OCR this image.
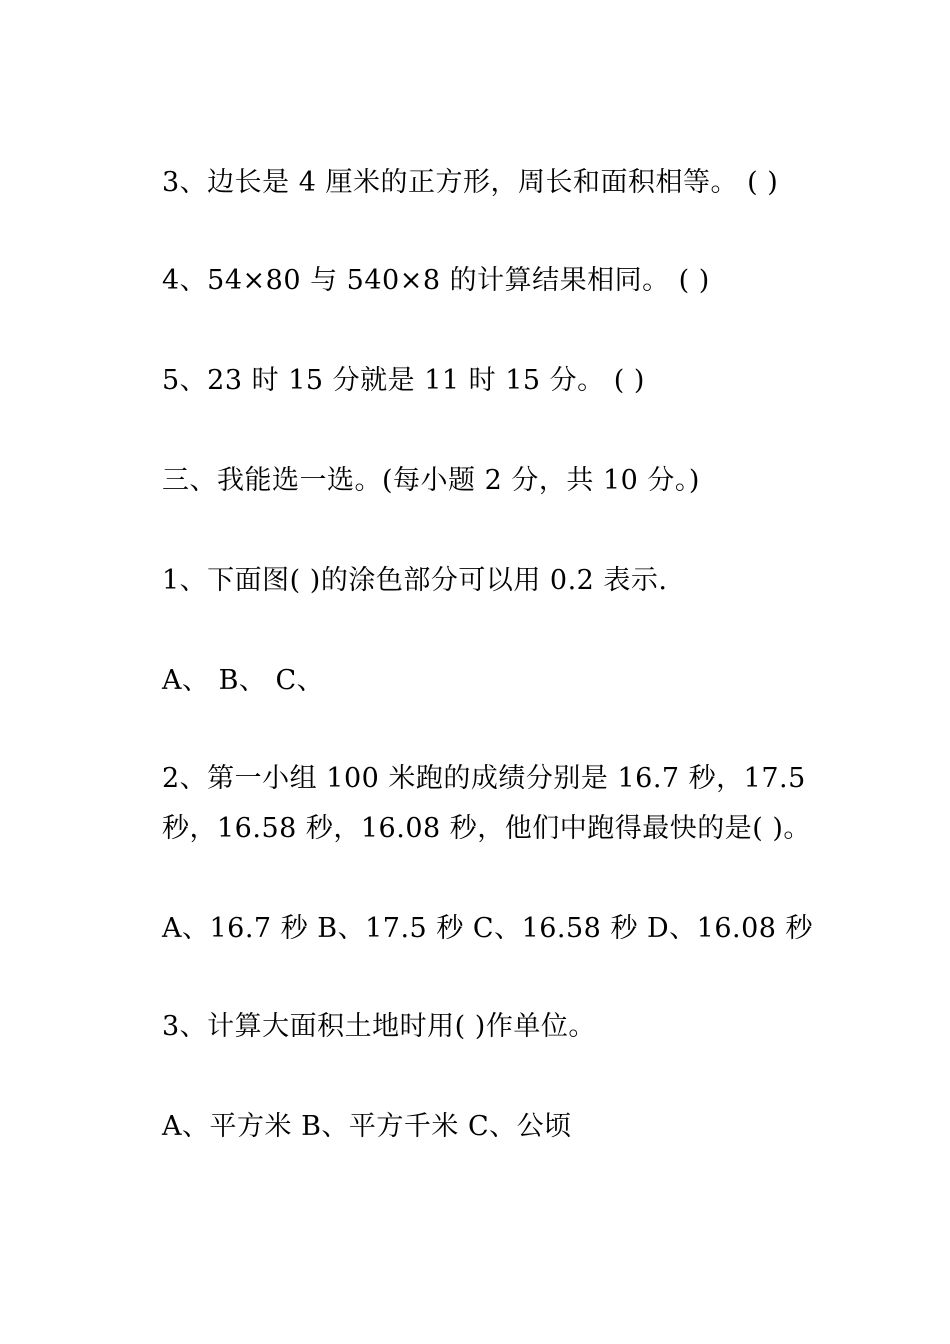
3、边长是 4 厘米的正方形，周长和面积相等。 ( )
4、54×80 与 540×8 的计算结果相同。 ( )
5、23 时 15 分就是 11 时 15 分。 ( )
三、我能选一选。(每小题 2 分，共 10 分。)
1、下面图( )的涂色部分可以用 0.2 表示.
A、 B、 C、
2、第一小组 100 米跑的成绩分别是 16.7 秒，17.5
秒，16.58 秒，16.08 秒，他们中跑得最快的是( )。
A、16.7 秒 B、17.5 秒 C、16.58 秒 D、16.08 秒
3、计算大面积土地时用( )作单位。
A、平方米 B、平方千米 C、公顷
